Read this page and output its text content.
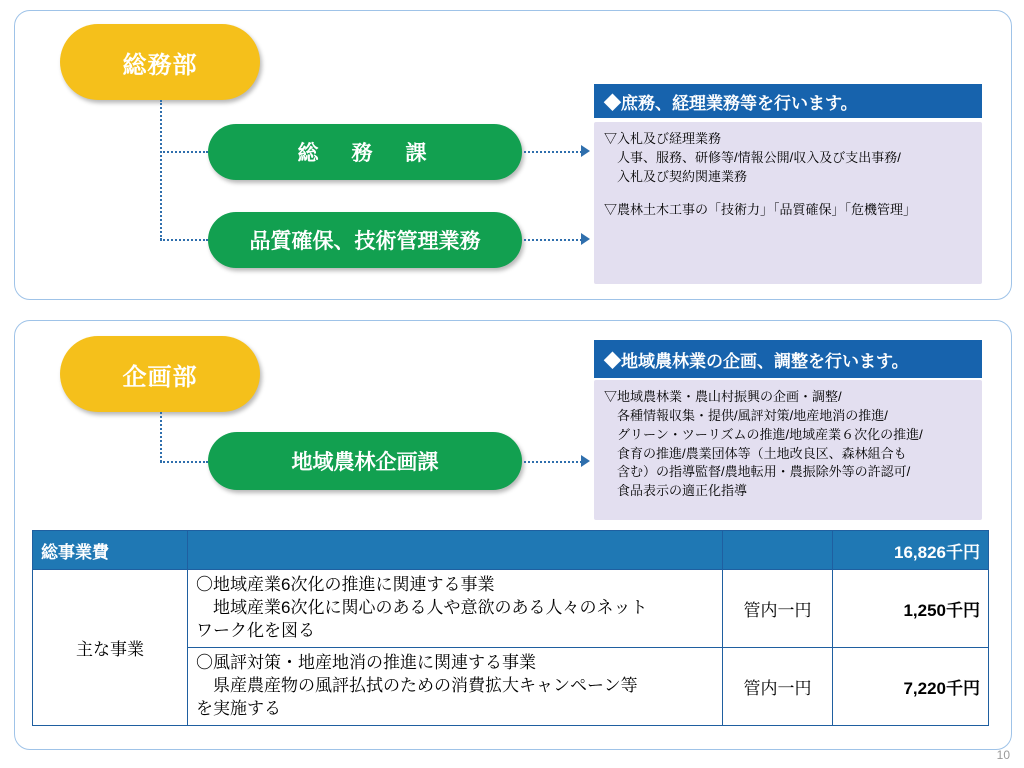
総務部
総　務　課
品質確保、技術管理業務
◆庶務、経理業務等を行います。
▽入札及び経理業務
　人事、服務、研修等/情報公開/収入及び支出事務/
　入札及び契約関連業務
▽農林土木工事の「技術力」「品質確保」「危機管理」
企画部
地域農林企画課
◆地域農林業の企画、調整を行います。
▽地域農林業・農山村振興の企画・調整/
　各種情報収集・提供/風評対策/地産地消の推進/
　グリーン・ツーリズムの推進/地域産業６次化の推進/
　食育の推進/農業団体等（土地改良区、森林組合も
　含む）の指導監督/農地転用・農振除外等の許認可/
　食品表示の適正化指導
総事業費			16,826千円
主な事業	〇地域産業6次化の推進に関連する事業
　地域産業6次化に関心のある人や意欲のある人々のネット
ワーク化を図る	管内一円	1,250千円

	〇風評対策・地産地消の推進に関連する事業
　県産農産物の風評払拭のための消費拡大キャンペーン等
を実施する	管内一円	7,220千円
10
